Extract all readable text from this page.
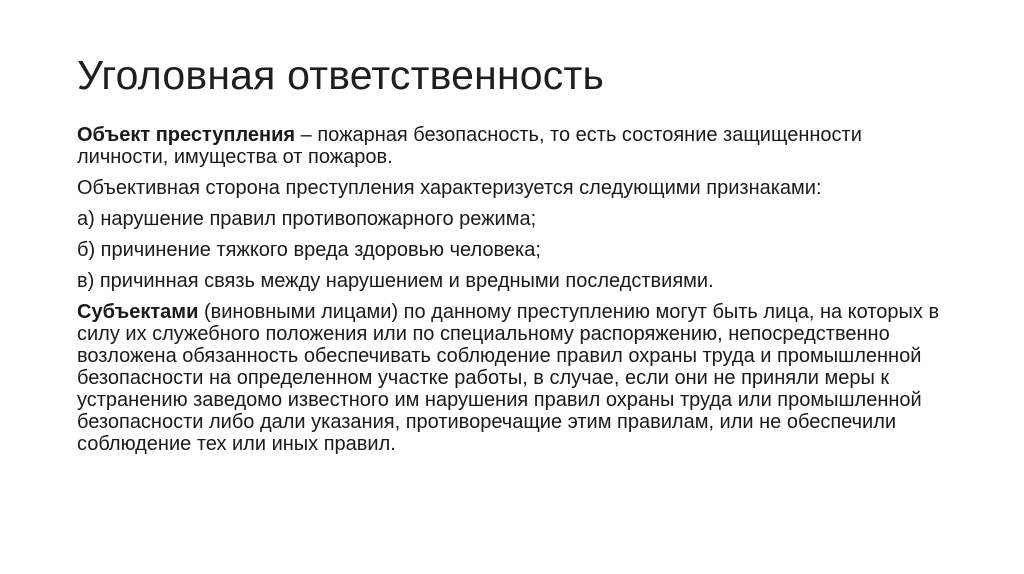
Уголовная ответственность

Объект преступления – пожарная безопасность, то есть состояние защищенности личности, имущества от пожаров.

Объективная сторона преступления характеризуется следующими признаками:

а) нарушение правил противопожарного режима;

б) причинение тяжкого вреда здоровью человека;

в) причинная связь между нарушением и вредными последствиями.

Субъектами (виновными лицами) по данному преступлению могут быть лица, на которых в силу их служебного положения или по специальному распоряжению, непосредственно возложена обязанность обеспечивать соблюдение правил охраны труда и промышленной безопасности на определенном участке работы, в случае, если они не приняли меры к устранению заведомо известного им нарушения правил охраны труда или промышленной безопасности либо дали указания, противоречащие этим правилам, или не обеспечили соблюдение тех или иных правил.
